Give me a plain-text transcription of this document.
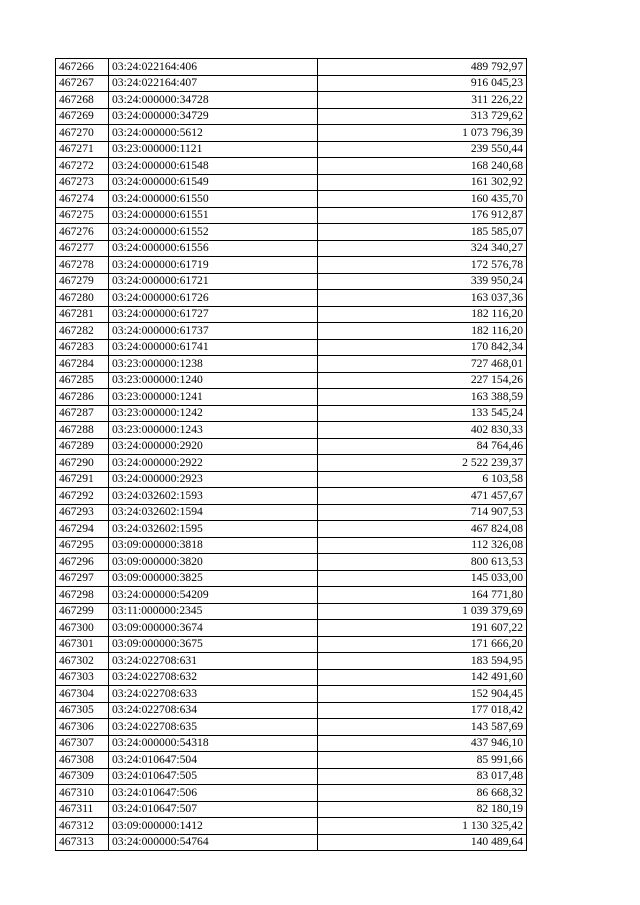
467266	03:24:022164:406	489 792,97
467267	03:24:022164:407	916 045,23
467268	03:24:000000:34728	311 226,22
467269	03:24:000000:34729	313 729,62
467270	03:24:000000:5612	1 073 796,39
467271	03:23:000000:1121	239 550,44
467272	03:24:000000:61548	168 240,68
467273	03:24:000000:61549	161 302,92
467274	03:24:000000:61550	160 435,70
467275	03:24:000000:61551	176 912,87
467276	03:24:000000:61552	185 585,07
467277	03:24:000000:61556	324 340,27
467278	03:24:000000:61719	172 576,78
467279	03:24:000000:61721	339 950,24
467280	03:24:000000:61726	163 037,36
467281	03:24:000000:61727	182 116,20
467282	03:24:000000:61737	182 116,20
467283	03:24:000000:61741	170 842,34
467284	03:23:000000:1238	727 468,01
467285	03:23:000000:1240	227 154,26
467286	03:23:000000:1241	163 388,59
467287	03:23:000000:1242	133 545,24
467288	03:23:000000:1243	402 830,33
467289	03:24:000000:2920	84 764,46
467290	03:24:000000:2922	2 522 239,37
467291	03:24:000000:2923	6 103,58
467292	03:24:032602:1593	471 457,67
467293	03:24:032602:1594	714 907,53
467294	03:24:032602:1595	467 824,08
467295	03:09:000000:3818	112 326,08
467296	03:09:000000:3820	800 613,53
467297	03:09:000000:3825	145 033,00
467298	03:24:000000:54209	164 771,80
467299	03:11:000000:2345	1 039 379,69
467300	03:09:000000:3674	191 607,22
467301	03:09:000000:3675	171 666,20
467302	03:24:022708:631	183 594,95
467303	03:24:022708:632	142 491,60
467304	03:24:022708:633	152 904,45
467305	03:24:022708:634	177 018,42
467306	03:24:022708:635	143 587,69
467307	03:24:000000:54318	437 946,10
467308	03:24:010647:504	85 991,66
467309	03:24:010647:505	83 017,48
467310	03:24:010647:506	86 668,32
467311	03:24:010647:507	82 180,19
467312	03:09:000000:1412	1 130 325,42
467313	03:24:000000:54764	140 489,64
